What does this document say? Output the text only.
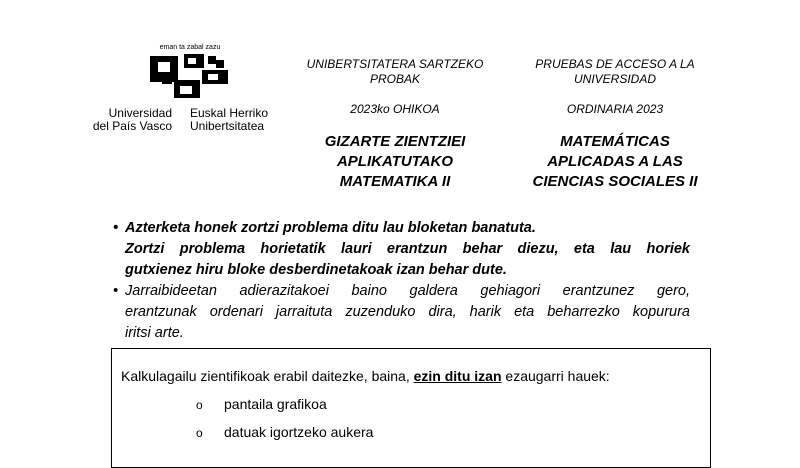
eman ta zabal zazu
Universidad
del País Vasco
Euskal Herriko
Unibertsitatea
UNIBERTSITATERA SARTZEKO
PROBAK
2023ko OHIKOA
GIZARTE ZIENTZIEI
APLIKATUTAKO
MATEMATIKA II
PRUEBAS DE ACCESO A LA
UNIVERSIDAD
ORDINARIA 2023
MATEMÁTICAS
APLICADAS A LAS
CIENCIAS SOCIALES II
• Azterketa honek zortzi problema ditu lau bloketan banatuta.
Zortzi problema horietatik lauri erantzun behar diezu, eta lau horiek
gutxienez hiru bloke desberdinetakoak izan behar dute.
• Jarraibideetan adierazitakoei baino galdera gehiagori erantzunez gero,
erantzunak ordenari jarraituta zuzenduko dira, harik eta beharrezko kopurura
iritsi arte.
Kalkulagailu zientifikoak erabil daitezke, baina, ezin ditu izan ezaugarri hauek:
o pantaila grafikoa
o datuak igortzeko aukera
